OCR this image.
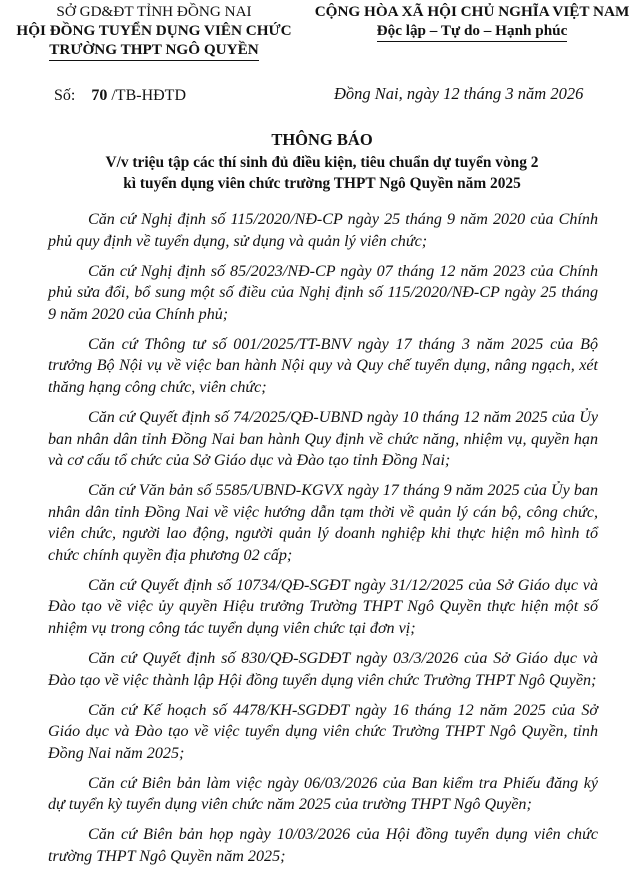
SỞ GD&ĐT TỈNH ĐỒNG NAI
HỘI ĐỒNG TUYỂN DỤNG VIÊN CHỨC
TRƯỜNG THPT NGÔ QUYỀN
CỘNG HÒA XÃ HỘI CHỦ NGHĨA VIỆT NAM
Độc lập – Tự do – Hạnh phúc
Số: 70 /TB-HĐTD	Đồng Nai, ngày 12 tháng 3 năm 2026
THÔNG BÁO
V/v triệu tập các thí sinh đủ điều kiện, tiêu chuẩn dự tuyển vòng 2
kì tuyển dụng viên chức trường THPT Ngô Quyền năm 2025

Căn cứ Nghị định số 115/2020/NĐ-CP ngày 25 tháng 9 năm 2020 của Chính phủ quy định về tuyển dụng, sử dụng và quản lý viên chức;

Căn cứ Nghị định số 85/2023/NĐ-CP ngày 07 tháng 12 năm 2023 của Chính phủ sửa đổi, bổ sung một số điều của Nghị định số 115/2020/NĐ-CP ngày 25 tháng 9 năm 2020 của Chính phủ;

Căn cứ Thông tư số 001/2025/TT-BNV ngày 17 tháng 3 năm 2025 của Bộ trưởng Bộ Nội vụ về việc ban hành Nội quy và Quy chế tuyển dụng, nâng ngạch, xét thăng hạng công chức, viên chức;

Căn cứ Quyết định số 74/2025/QĐ-UBND ngày 10 tháng 12 năm 2025 của Ủy ban nhân dân tỉnh Đồng Nai ban hành Quy định về chức năng, nhiệm vụ, quyền hạn và cơ cấu tổ chức của Sở Giáo dục và Đào tạo tỉnh Đồng Nai;

Căn cứ Văn bản số 5585/UBND-KGVX ngày 17 tháng 9 năm 2025 của Ủy ban nhân dân tỉnh Đồng Nai về việc hướng dẫn tạm thời về quản lý cán bộ, công chức, viên chức, người lao động, người quản lý doanh nghiệp khi thực hiện mô hình tổ chức chính quyền địa phương 02 cấp;

Căn cứ Quyết định số 10734/QĐ-SGĐT ngày 31/12/2025 của Sở Giáo dục và Đào tạo về việc ủy quyền Hiệu trưởng Trường THPT Ngô Quyền thực hiện một số nhiệm vụ trong công tác tuyển dụng viên chức tại đơn vị;

Căn cứ Quyết định số 830/QĐ-SGDĐT ngày 03/3/2026 của Sở Giáo dục và Đào tạo về việc thành lập Hội đồng tuyển dụng viên chức Trường THPT Ngô Quyền;

Căn cứ Kế hoạch số 4478/KH-SGDĐT ngày 16 tháng 12 năm 2025 của Sở Giáo dục và Đào tạo về việc tuyển dụng viên chức Trường THPT Ngô Quyền, tỉnh Đồng Nai năm 2025;

Căn cứ Biên bản làm việc ngày 06/03/2026 của Ban kiểm tra Phiếu đăng ký dự tuyển kỳ tuyển dụng viên chức năm 2025 của trường THPT Ngô Quyền;

Căn cứ Biên bản họp ngày 10/03/2026 của Hội đồng tuyển dụng viên chức trường THPT Ngô Quyền năm 2025;
